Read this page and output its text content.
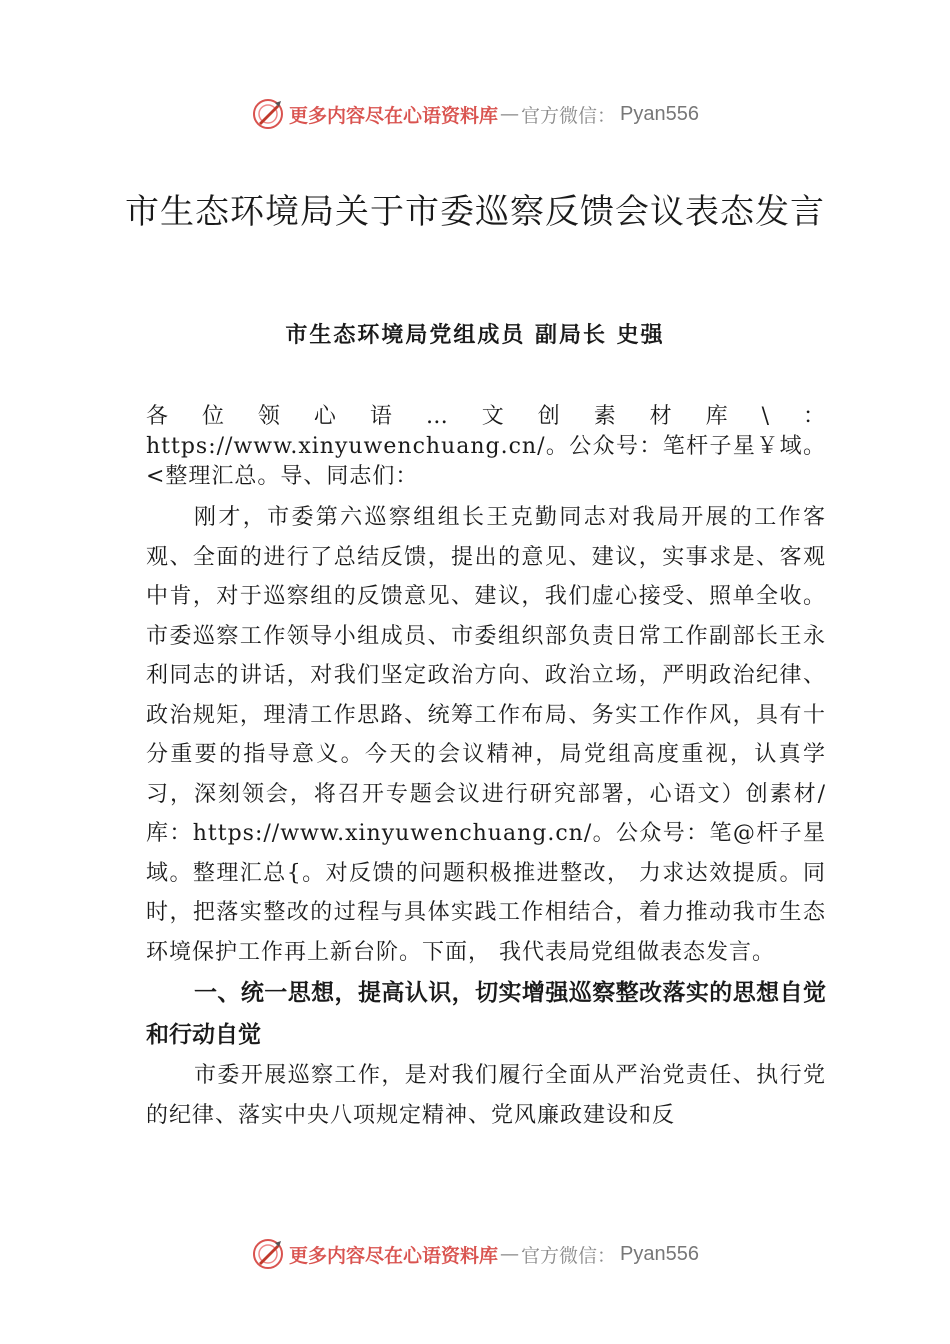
更多内容尽在心语资料库 — 官方微信： Pyan556
市生态环境局关于市委巡察反馈会议表态发言
市生态环境局党组成员 副局长 史强

各位领心语…文创素材库\：https://www.xinyuwenchuang.cn/。公众号：笔杆子星￥域。<整理汇总。导、同志们：

刚才，市委第六巡察组组长王克勤同志对我局开展的工作客观、全面的进行了总结反馈，提出的意见、建议，实事求是、客观中肯，对于巡察组的反馈意见、建议，我们虚心接受、照单全收。市委巡察工作领导小组成员、市委组织部负责日常工作副部长王永利同志的讲话，对我们坚定政治方向、政治立场，严明政治纪律、政治规矩，理清工作思路、统筹工作布局、务实工作作风，具有十分重要的指导意义。今天的会议精神，局党组高度重视，认真学习，深刻领会，将召开专题会议进行研究部署，心语文）创素材/库：https://www.xinyuwenchuang.cn/。公众号：笔@杆子星域。整理汇总{。对反馈的问题积极推进整改， 力求达效提质。同时，把落实整改的过程与具体实践工作相结合，着力推动我市生态环境保护工作再上新台阶。下面， 我代表局党组做表态发言。

一、统一思想，提高认识，切实增强巡察整改落实的思想自觉和行动自觉

市委开展巡察工作，是对我们履行全面从严治党责任、执行党的纪律、落实中央八项规定精神、党风廉政建设和反

更多内容尽在心语资料库 — 官方微信： Pyan556
